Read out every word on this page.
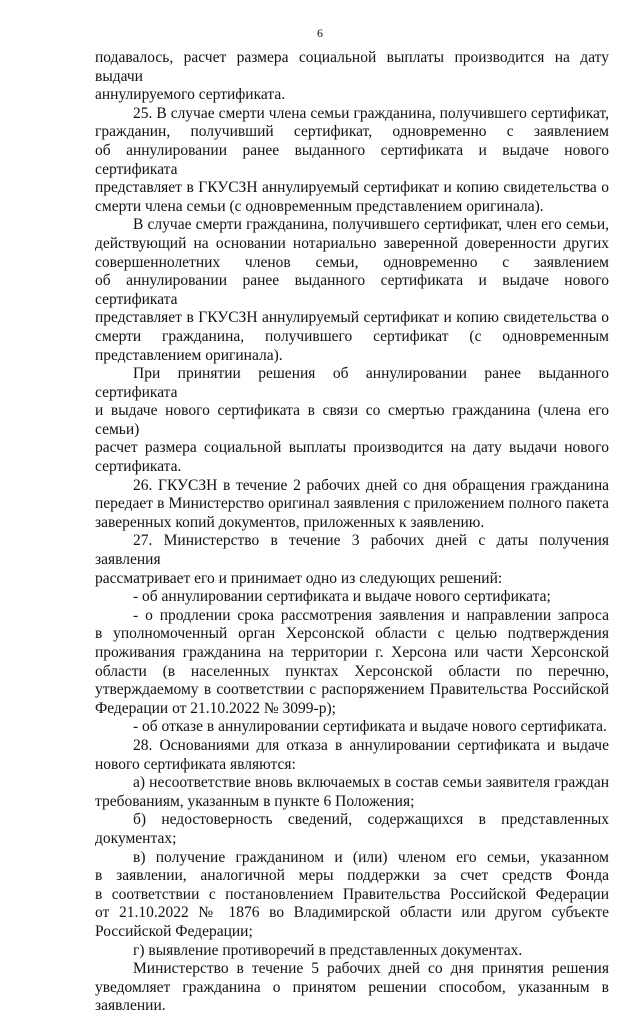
6
подавалось, расчет размера социальной выплаты производится на дату выдачи
аннулируемого сертификата.
25. В случае смерти члена семьи гражданина, получившего сертификат,
гражданин, получивший сертификат, одновременно с заявлением
об аннулировании ранее выданного сертификата и выдаче нового сертификата
представляет в ГКУСЗН аннулируемый сертификат и копию свидетельства о
смерти члена семьи (с одновременным представлением оригинала).
В случае смерти гражданина, получившего сертификат, член его семьи,
действующий на основании нотариально заверенной доверенности других
совершеннолетних членов семьи, одновременно с заявлением
об аннулировании ранее выданного сертификата и выдаче нового сертификата
представляет в ГКУСЗН аннулируемый сертификат и копию свидетельства о
смерти гражданина, получившего сертификат (с одновременным
представлением оригинала).
При принятии решения об аннулировании ранее выданного сертификата
и выдаче нового сертификата в связи со смертью гражданина (члена его семьи)
расчет размера социальной выплаты производится на дату выдачи нового
сертификата.
26. ГКУСЗН в течение 2 рабочих дней со дня обращения гражданина
передает в Министерство оригинал заявления с приложением полного пакета
заверенных копий документов, приложенных к заявлению.
27. Министерство в течение 3 рабочих дней с даты получения заявления
рассматривает его и принимает одно из следующих решений:
- об аннулировании сертификата и выдаче нового сертификата;
- о продлении срока рассмотрения заявления и направлении запроса
в уполномоченный орган Херсонской области с целью подтверждения
проживания гражданина на территории г. Херсона или части Херсонской
области (в населенных пунктах Херсонской области по перечню,
утверждаемому в соответствии с распоряжением Правительства Российской
Федерации от 21.10.2022 № 3099-р);
- об отказе в аннулировании сертификата и выдаче нового сертификата.
28. Основаниями для отказа в аннулировании сертификата и выдаче
нового сертификата являются:
а) несоответствие вновь включаемых в состав семьи заявителя граждан
требованиям, указанным в пункте 6 Положения;
б) недостоверность сведений, содержащихся в представленных
документах;
в) получение гражданином и (или) членом его семьи, указанном
в заявлении, аналогичной меры поддержки за счет средств Фонда
в соответствии с постановлением Правительства Российской Федерации
от 21.10.2022 № 1876 во Владимирской области или другом субъекте
Российской Федерации;
г) выявление противоречий в представленных документах.
Министерство в течение 5 рабочих дней со дня принятия решения
уведомляет гражданина о принятом решении способом, указанным в заявлении.
